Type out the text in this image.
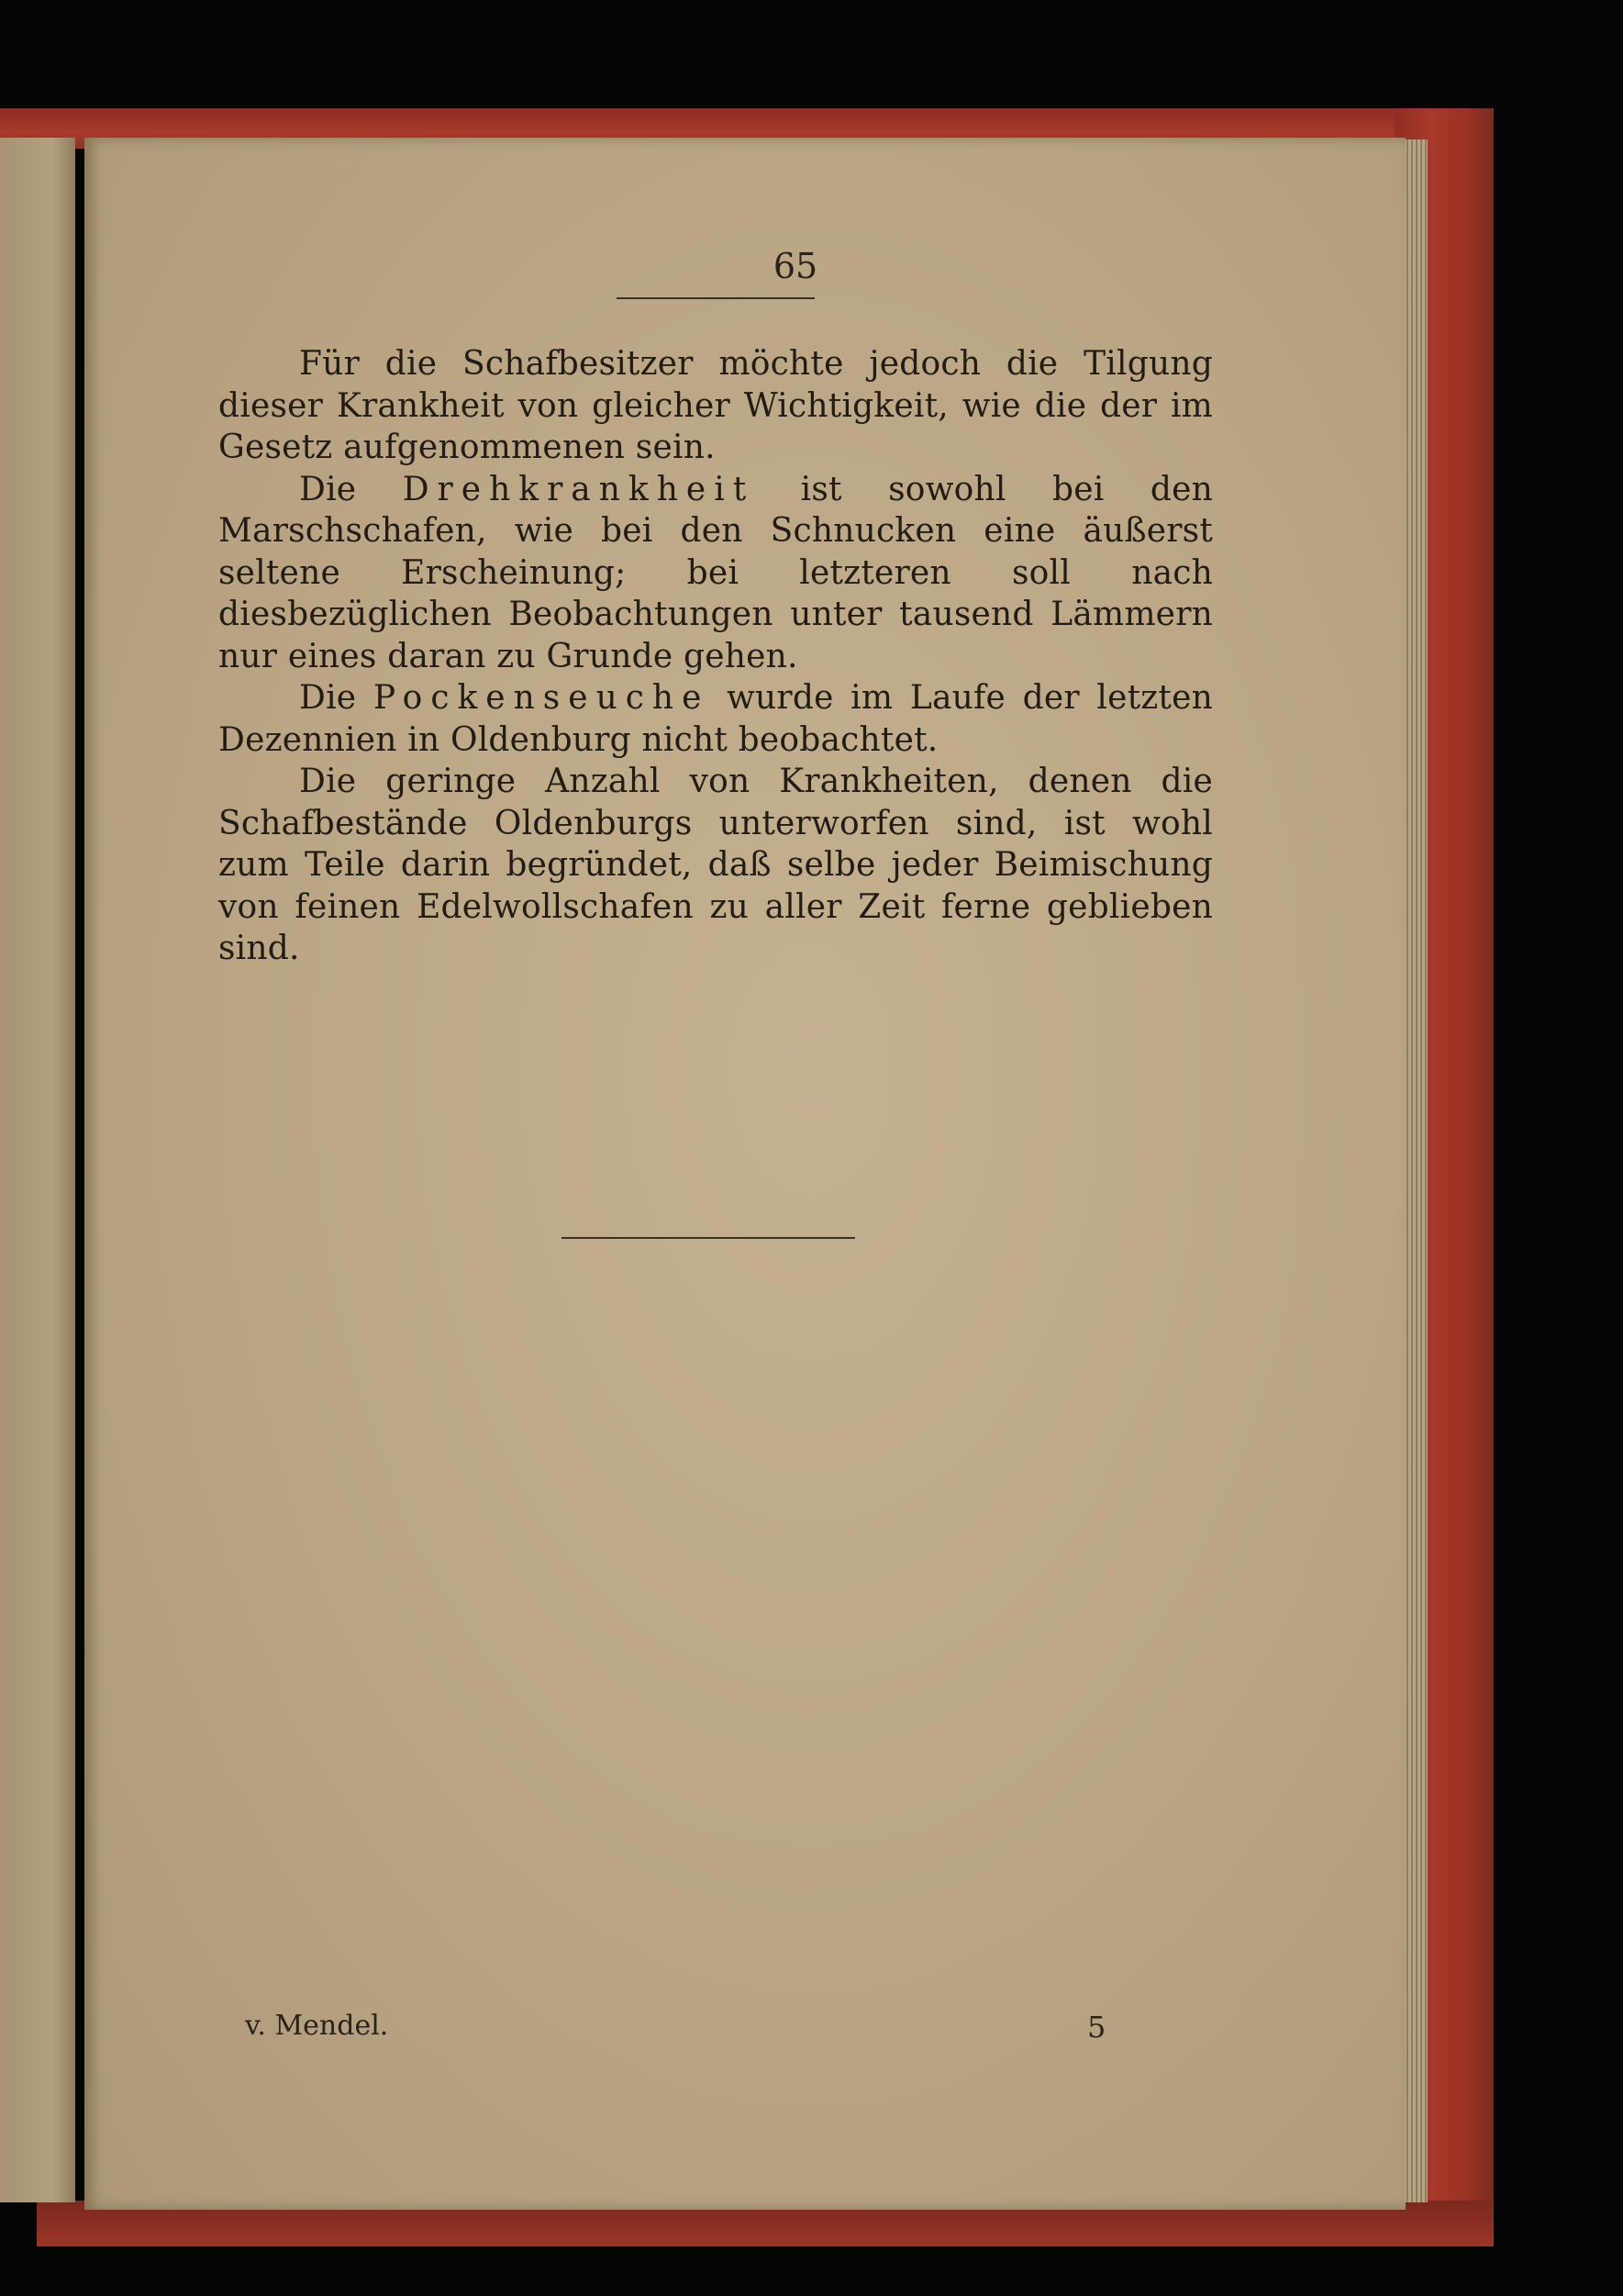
65

Für die Schafbesitzer möchte jedoch die Tilgung dieser Krankheit von gleicher Wichtigkeit, wie die der im Gesetz aufgenommenen sein.

Die Drehkrankheit ist sowohl bei den Marschschafen, wie bei den Schnucken eine äußerst seltene Erscheinung; bei letzteren soll nach diesbezüglichen Beobachtungen unter tausend Lämmern nur eines daran zu Grunde gehen.

Die Pockenseuche wurde im Laufe der letzten Dezennien in Oldenburg nicht beobachtet.

Die geringe Anzahl von Krankheiten, denen die Schafbestände Oldenburgs unterworfen sind, ist wohl zum Teile darin begründet, daß selbe jeder Beimischung von feinen Edelwollschafen zu aller Zeit ferne geblieben sind.

v. Mendel.	5
